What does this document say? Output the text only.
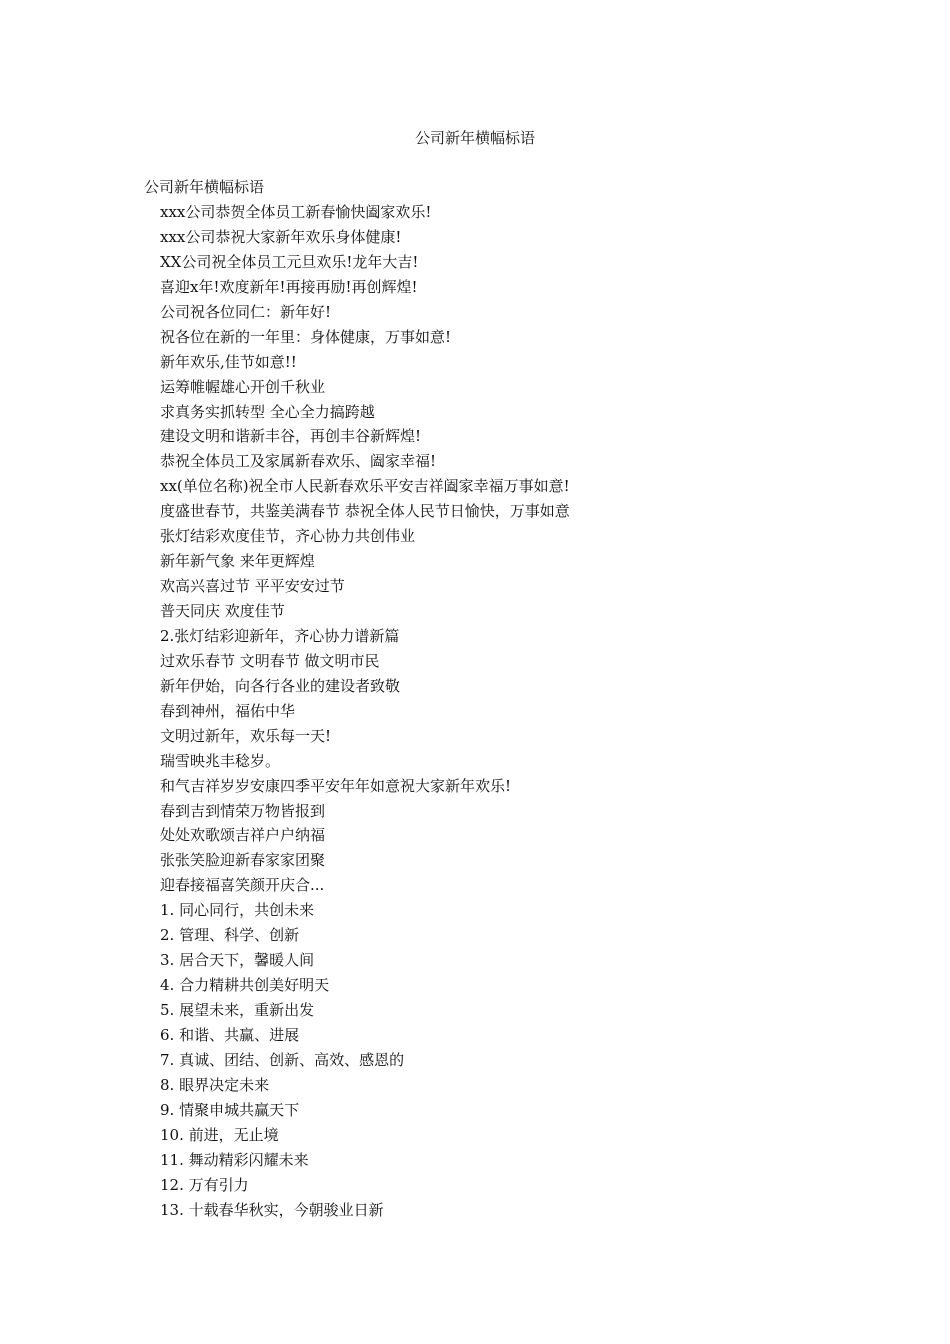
公司新年横幅标语
公司新年横幅标语
xxx公司恭贺全体员工新春愉快阖家欢乐!
xxx公司恭祝大家新年欢乐身体健康!
XX公司祝全体员工元旦欢乐!龙年大吉!
喜迎x年!欢度新年!再接再励!再创辉煌!
公司祝各位同仁：新年好!
祝各位在新的一年里：身体健康，万事如意!
新年欢乐,佳节如意!!
运筹帷幄雄心开创千秋业
求真务实抓转型 全心全力搞跨越
建设文明和谐新丰谷，再创丰谷新辉煌!
恭祝全体员工及家属新春欢乐、阖家幸福!
xx(单位名称)祝全市人民新春欢乐平安吉祥阖家幸福万事如意!
度盛世春节，共鉴美满春节 恭祝全体人民节日愉快，万事如意
张灯结彩欢度佳节，齐心协力共创伟业
新年新气象 来年更辉煌
欢高兴喜过节 平平安安过节
普天同庆 欢度佳节
2.张灯结彩迎新年，齐心协力谱新篇
过欢乐春节 文明春节 做文明市民
新年伊始，向各行各业的建设者致敬
春到神州，福佑中华
文明过新年，欢乐每一天!
瑞雪映兆丰稔岁。
和气吉祥岁岁安康四季平安年年如意祝大家新年欢乐!
春到吉到情荣万物皆报到
处处欢歌颂吉祥户户纳福
张张笑脸迎新春家家团聚
迎春接福喜笑颜开庆合...
1. 同心同行，共创未来
2. 管理、科学、创新
3. 居合天下，馨暖人间
4. 合力精耕共创美好明天
5. 展望未来，重新出发
6. 和谐、共赢、进展
7. 真诚、团结、创新、高效、感恩的
8. 眼界决定未来
9. 情聚申城共赢天下
10. 前进，无止境
11. 舞动精彩闪耀未来
12. 万有引力
13. 十载春华秋实，今朝骏业日新
